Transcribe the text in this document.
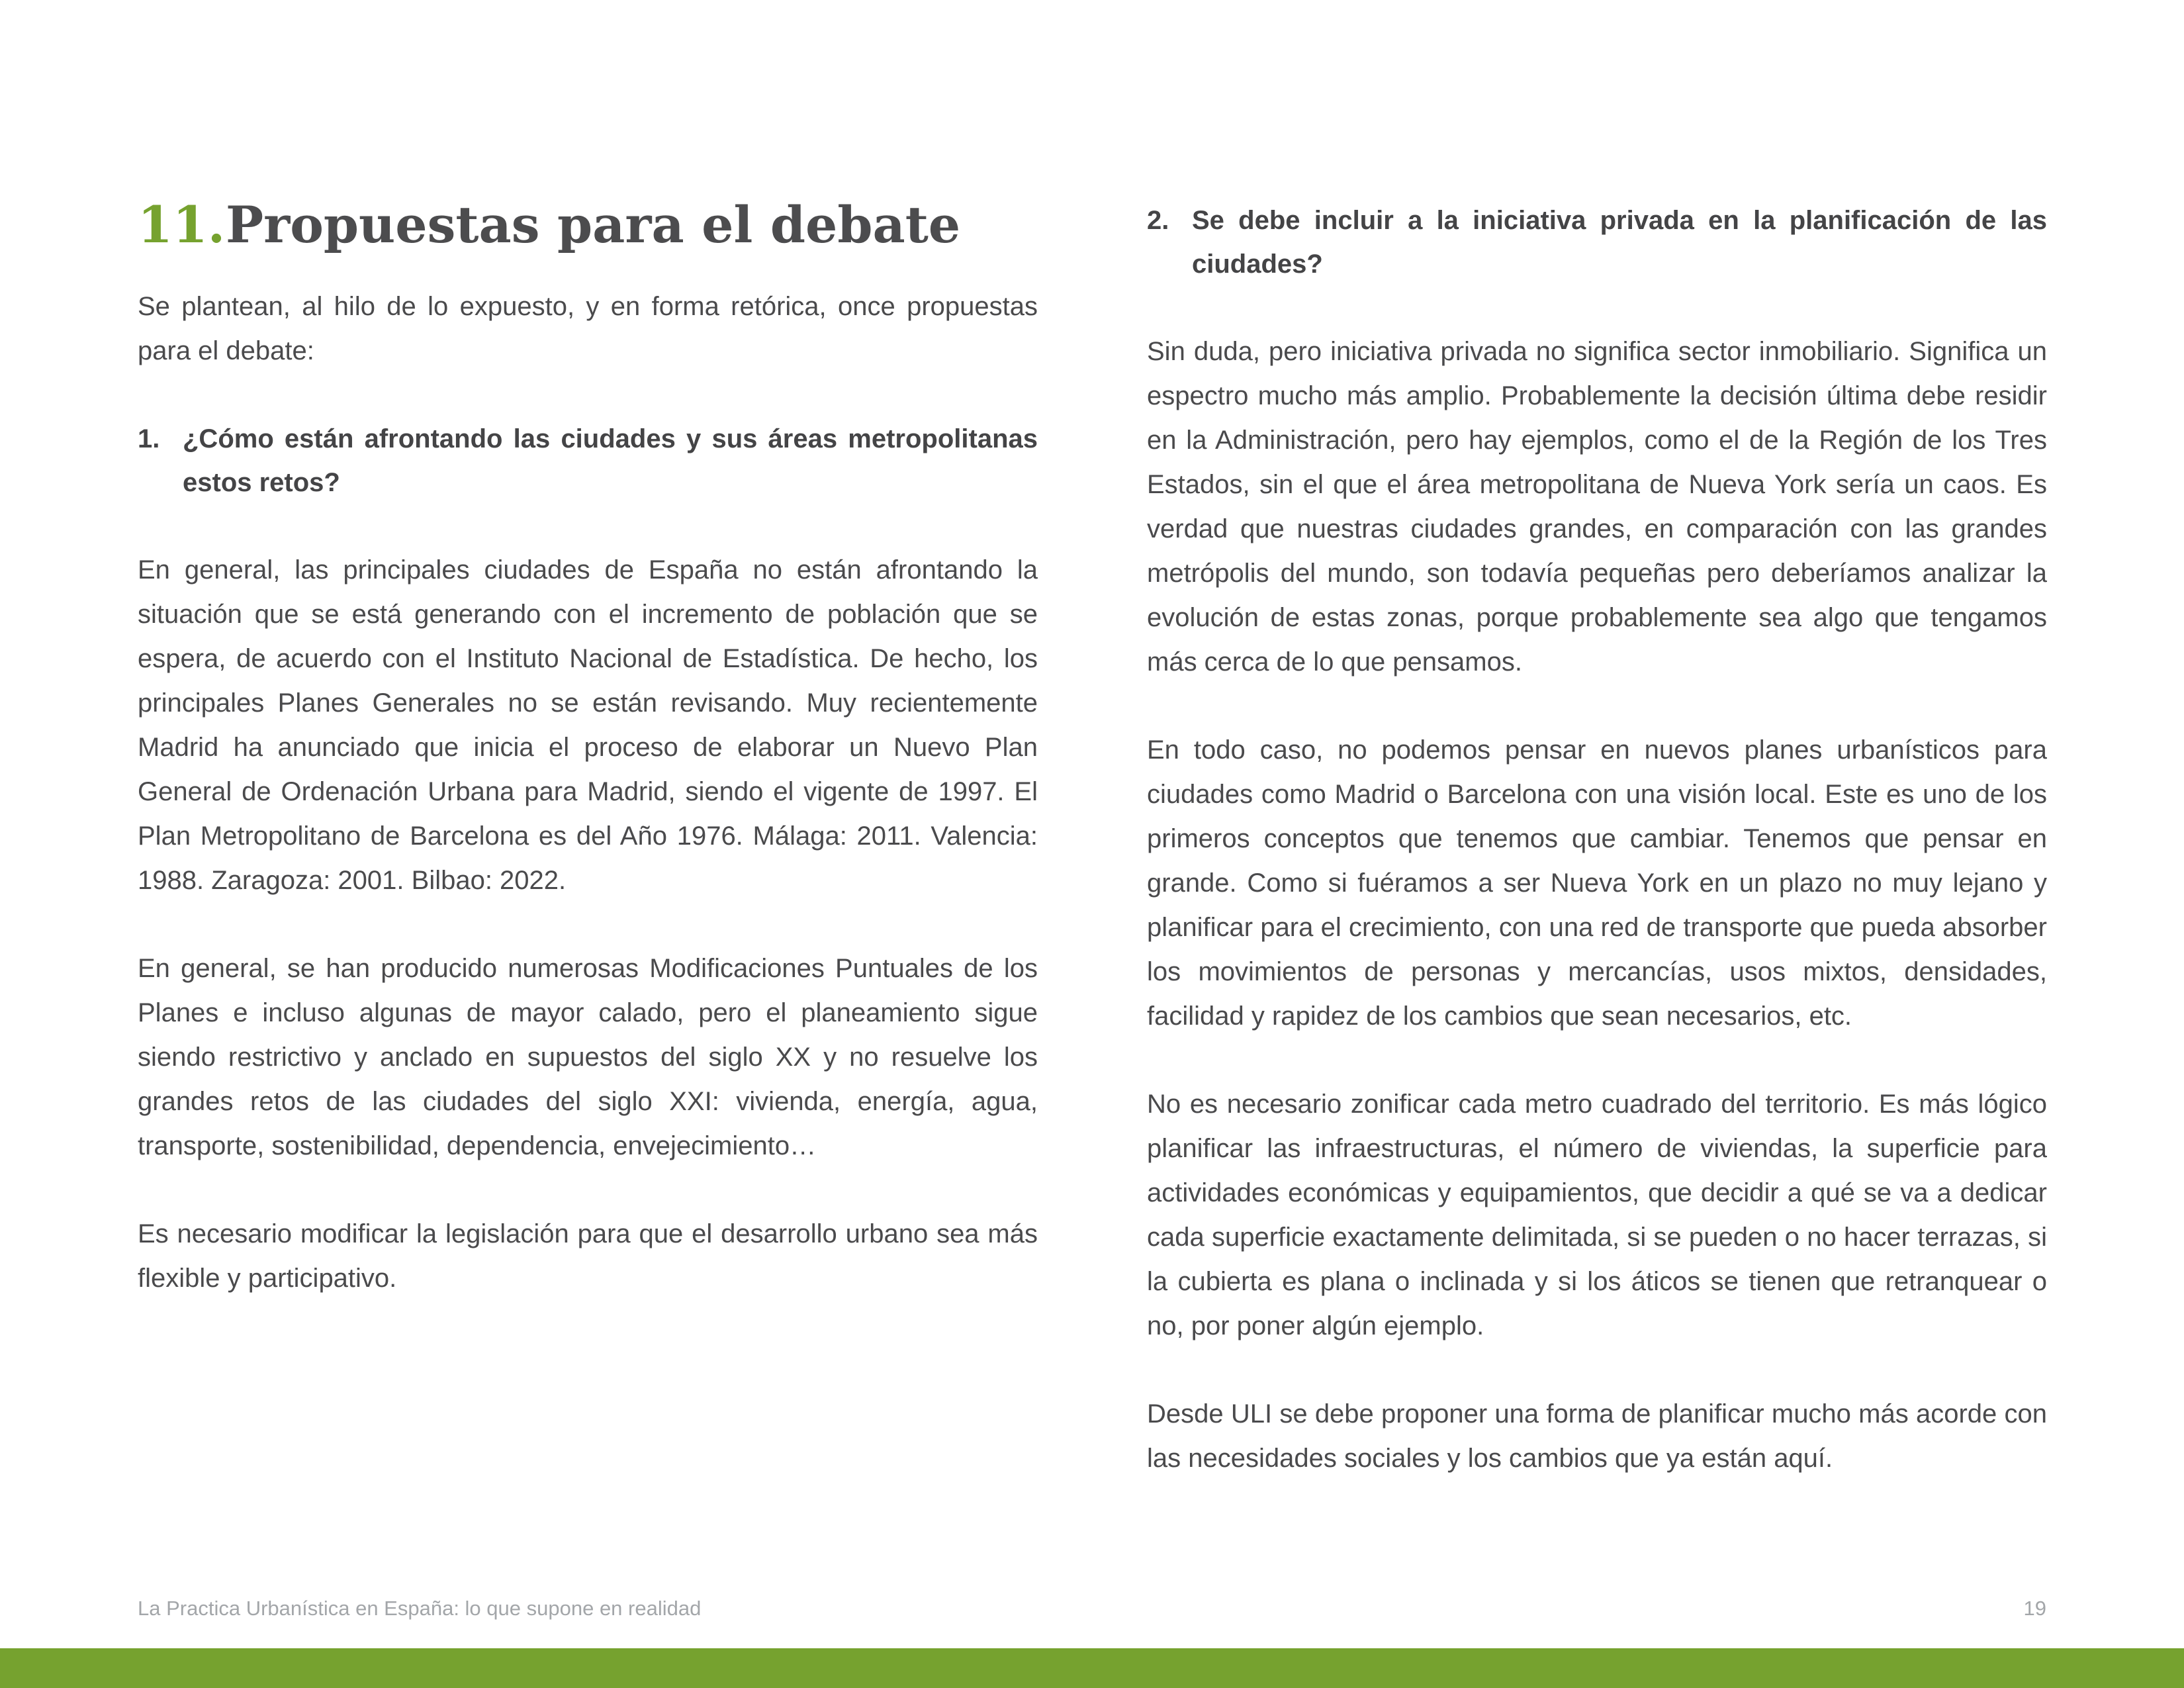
11. Propuestas para el debate

Se plantean, al hilo de lo expuesto, y en forma retórica, once propuestas para el debate:

1. ¿Cómo están afrontando las ciudades y sus áreas metropolitanas estos retos?

En general, las principales ciudades de España no están afrontando la situación que se está generando con el incremento de población que se espera, de acuerdo con el Instituto Nacional de Estadística. De hecho, los principales Planes Generales no se están revisando. Muy recientemente Madrid ha anunciado que inicia el proceso de elaborar un Nuevo Plan General de Ordenación Urbana para Madrid, siendo el vigente de 1997. El Plan Metropolitano de Barcelona es del Año 1976. Málaga: 2011. Valencia: 1988. Zaragoza: 2001. Bilbao: 2022.

En general, se han producido numerosas Modificaciones Puntuales de los Planes e incluso algunas de mayor calado, pero el planeamiento sigue siendo restrictivo y anclado en supuestos del siglo XX y no resuelve los grandes retos de las ciudades del siglo XXI: vivienda, energía, agua, transporte, sostenibilidad, dependencia, envejecimiento…

Es necesario modificar la legislación para que el desarrollo urbano sea más flexible y participativo.

2. Se debe incluir a la iniciativa privada en la planificación de las ciudades?

Sin duda, pero iniciativa privada no significa sector inmobiliario. Significa un espectro mucho más amplio. Probablemente la decisión última debe residir en la Administración, pero hay ejemplos, como el de la Región de los Tres Estados, sin el que el área metropolitana de Nueva York sería un caos. Es verdad que nuestras ciudades grandes, en comparación con las grandes metrópolis del mundo, son todavía pequeñas pero deberíamos analizar la evolución de estas zonas, porque probablemente sea algo que tengamos más cerca de lo que pensamos.

En todo caso, no podemos pensar en nuevos planes urbanísticos para ciudades como Madrid o Barcelona con una visión local. Este es uno de los primeros conceptos que tenemos que cambiar. Tenemos que pensar en grande. Como si fuéramos a ser Nueva York en un plazo no muy lejano y planificar para el crecimiento, con una red de transporte que pueda absorber los movimientos de personas y mercancías, usos mixtos, densidades, facilidad y rapidez de los cambios que sean necesarios, etc.

No es necesario zonificar cada metro cuadrado del territorio. Es más lógico planificar las infraestructuras, el número de viviendas, la superficie para actividades económicas y equipamientos, que decidir a qué se va a dedicar cada superficie exactamente delimitada, si se pueden o no hacer terrazas, si la cubierta es plana o inclinada y si los áticos se tienen que retranquear o no, por poner algún ejemplo.

Desde ULI se debe proponer una forma de planificar mucho más acorde con las necesidades sociales y los cambios que ya están aquí.

La Practica Urbanística en España: lo que supone en realidad	19
